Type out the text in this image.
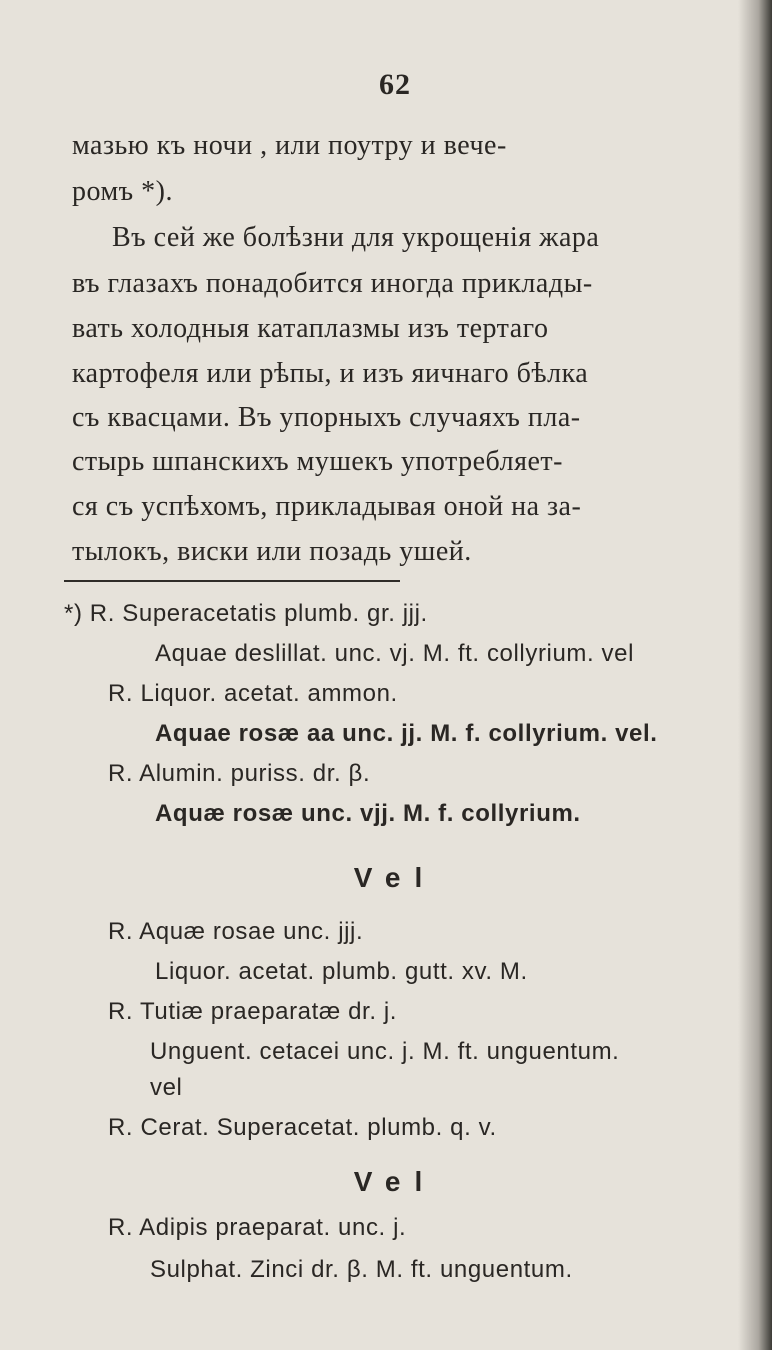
62
мазью къ ночи , или поутру и вече-
ромъ *).
Въ сей же болѣзни для укрощенія жара
въ глазахъ понадобится иногда приклады-
вать холодныя катаплазмы изъ тертаго
картофеля или рѣпы, и изъ яичнаго бѣлка
съ квасцами. Въ упорныхъ случаяхъ пла-
стырь шпанскихъ мушекъ употребляет-
ся съ успѣхомъ, прикладывая оной на за-
тылокъ, виски или позадь ушей.
*) R. Superacetatis plumb. gr. jjj.
Aquae deslillat. unc. vj. M. ft. collyrium. vel
R. Liquor. acetat. ammon.
Aquae rosæ aa unc. jj. M. f. collyrium. vel.
R. Alumin. puriss. dr. β.
Aquæ rosæ unc. vjj. M. f. collyrium.
Vel
R. Aquæ rosae unc. jjj.
Liquor. acetat. plumb. gutt. xv. M.
R. Tutiæ praeparatæ dr. j.
Unguent. cetacei unc. j. M. ft. unguentum.
vel
R. Cerat. Superacetat. plumb. q. v.
Vel
R. Adipis praeparat. unc. j.
Sulphat. Zinci dr. β. M. ft. unguentum.
